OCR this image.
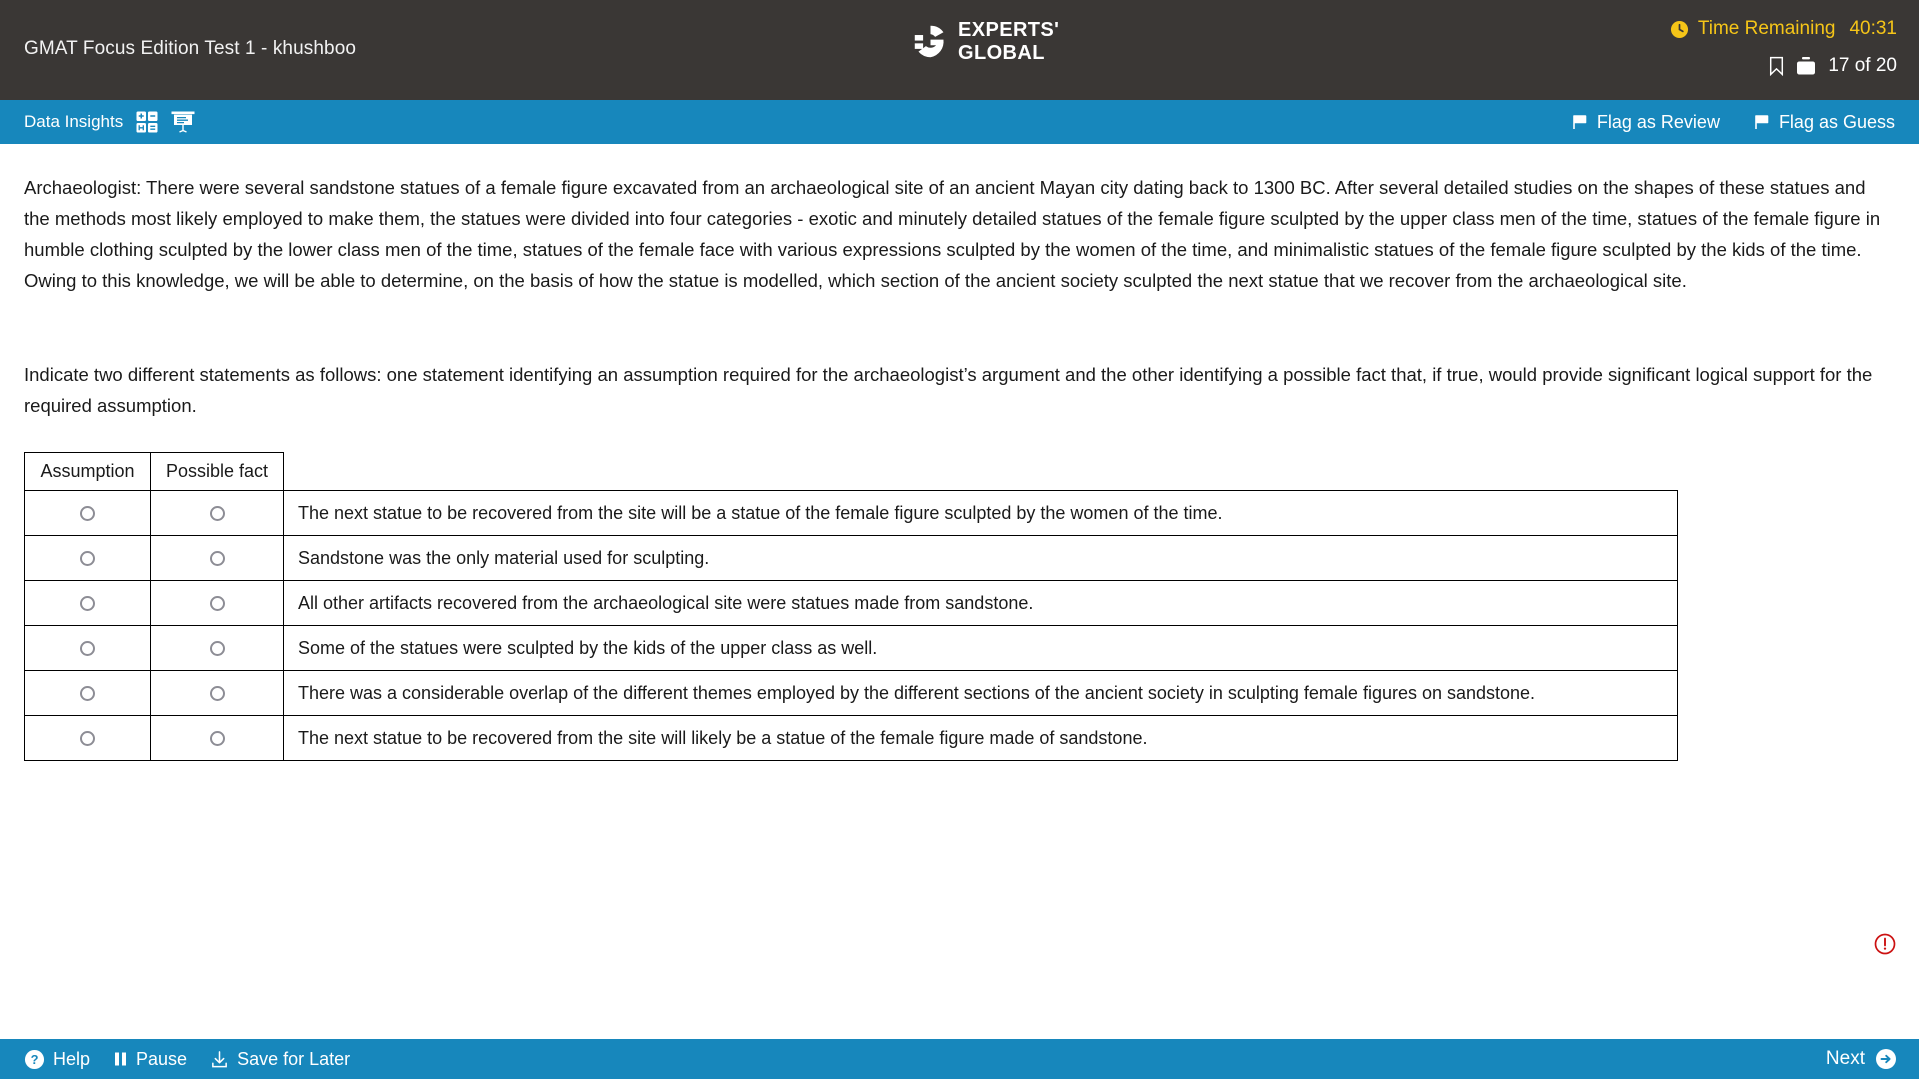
GMAT Focus Edition Test 1 - khushboo
EXPERTS'
GLOBAL
Time Remaining 40:31
17 of 20
Data Insights	Flag as Review	Flag as Guess
Archaeologist: There were several sandstone statues of a female figure excavated from an archaeological site of an ancient Mayan city dating back to 1300 BC. After several detailed studies on the shapes of these statues and the methods most likely employed to make them, the statues were divided into four categories - exotic and minutely detailed statues of the female figure sculpted by the upper class men of the time, statues of the female figure in humble clothing sculpted by the lower class men of the time, statues of the female face with various expressions sculpted by the women of the time, and minimalistic statues of the female figure sculpted by the kids of the time. Owing to this knowledge, we will be able to determine, on the basis of how the statue is modelled, which section of the ancient society sculpted the next statue that we recover from the archaeological site.
Indicate two different statements as follows: one statement identifying an assumption required for the archaeologist’s argument and the other identifying a possible fact that, if true, would provide significant logical support for the required assumption.
Assumption	Possible fact	
		The next statue to be recovered from the site will be a statue of the female figure sculpted by the women of the time.
		Sandstone was the only material used for sculpting.
		All other artifacts recovered from the archaeological site were statues made from sandstone.
		Some of the statues were sculpted by the kids of the upper class as well.
		There was a considerable overlap of the different themes employed by the different sections of the ancient society in sculpting female figures on sandstone.
		The next statue to be recovered from the site will likely be a statue of the female figure made of sandstone.
? Help	Pause	Save for Later	Next
